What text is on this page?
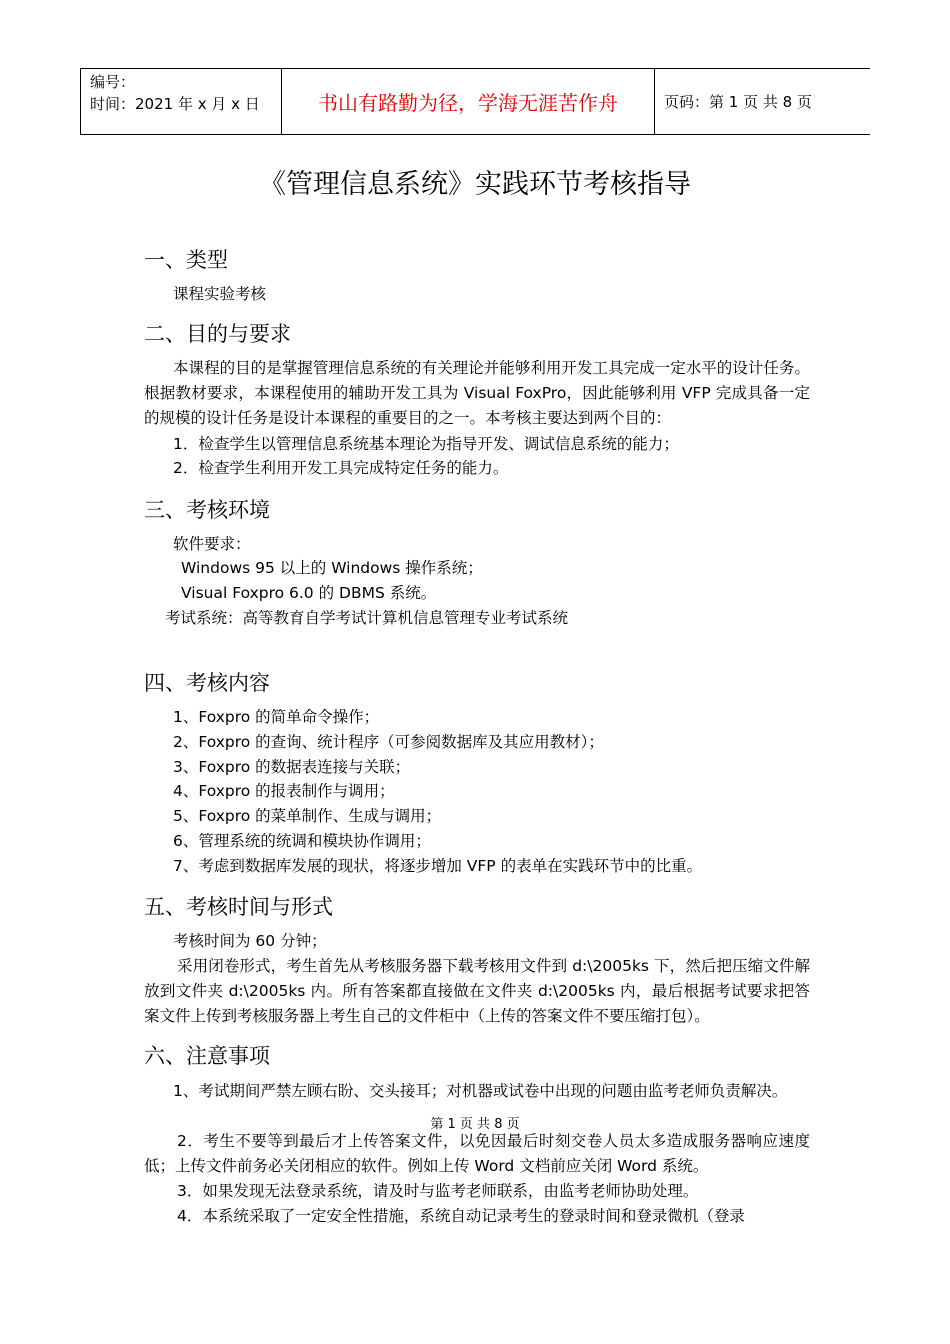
编号：
时间：2021 年 x 月 x 日	书山有路勤为径，学海无涯苦作舟	页码：第 1 页 共 8 页
《管理信息系统》实践环节考核指导
一、类型
课程实验考核
二、目的与要求
本课程的目的是掌握管理信息系统的有关理论并能够利用开发工具完成一定水平的设计任务。根据教材要求，本课程使用的辅助开发工具为 Visual FoxPro，因此能够利用 VFP 完成具备一定的规模的设计任务是设计本课程的重要目的之一。本考核主要达到两个目的：
1．检查学生以管理信息系统基本理论为指导开发、调试信息系统的能力；
2．检查学生利用开发工具完成特定任务的能力。
三、考核环境
软件要求：
Windows 95 以上的 Windows 操作系统；
Visual Foxpro 6.0 的 DBMS 系统。
考试系统：高等教育自学考试计算机信息管理专业考试系统
四、考核内容
1、Foxpro 的简单命令操作；
2、Foxpro 的查询、统计程序（可参阅数据库及其应用教材）；
3、Foxpro 的数据表连接与关联；
4、Foxpro 的报表制作与调用；
5、Foxpro 的菜单制作、生成与调用；
6、管理系统的统调和模块协作调用；
7、考虑到数据库发展的现状，将逐步增加 VFP 的表单在实践环节中的比重。
五、考核时间与形式
考核时间为 60 分钟；
采用闭卷形式，考生首先从考核服务器下载考核用文件到 d:\2005ks 下，然后把压缩文件解放到文件夹 d:\2005ks 内。所有答案都直接做在文件夹 d:\2005ks 内，最后根据考试要求把答案文件上传到考核服务器上考生自己的文件柜中（上传的答案文件不要压缩打包）。
六、注意事项
1、考试期间严禁左顾右盼、交头接耳；对机器或试卷中出现的问题由监考老师负责解决。
2．考生不要等到最后才上传答案文件，以免因最后时刻交卷人员太多造成服务器响应速度低；上传文件前务必关闭相应的软件。例如上传 Word 文档前应关闭 Word 系统。
3．如果发现无法登录系统，请及时与监考老师联系，由监考老师协助处理。
4．本系统采取了一定安全性措施，系统自动记录考生的登录时间和登录微机（登录
第 1 页 共 8 页
